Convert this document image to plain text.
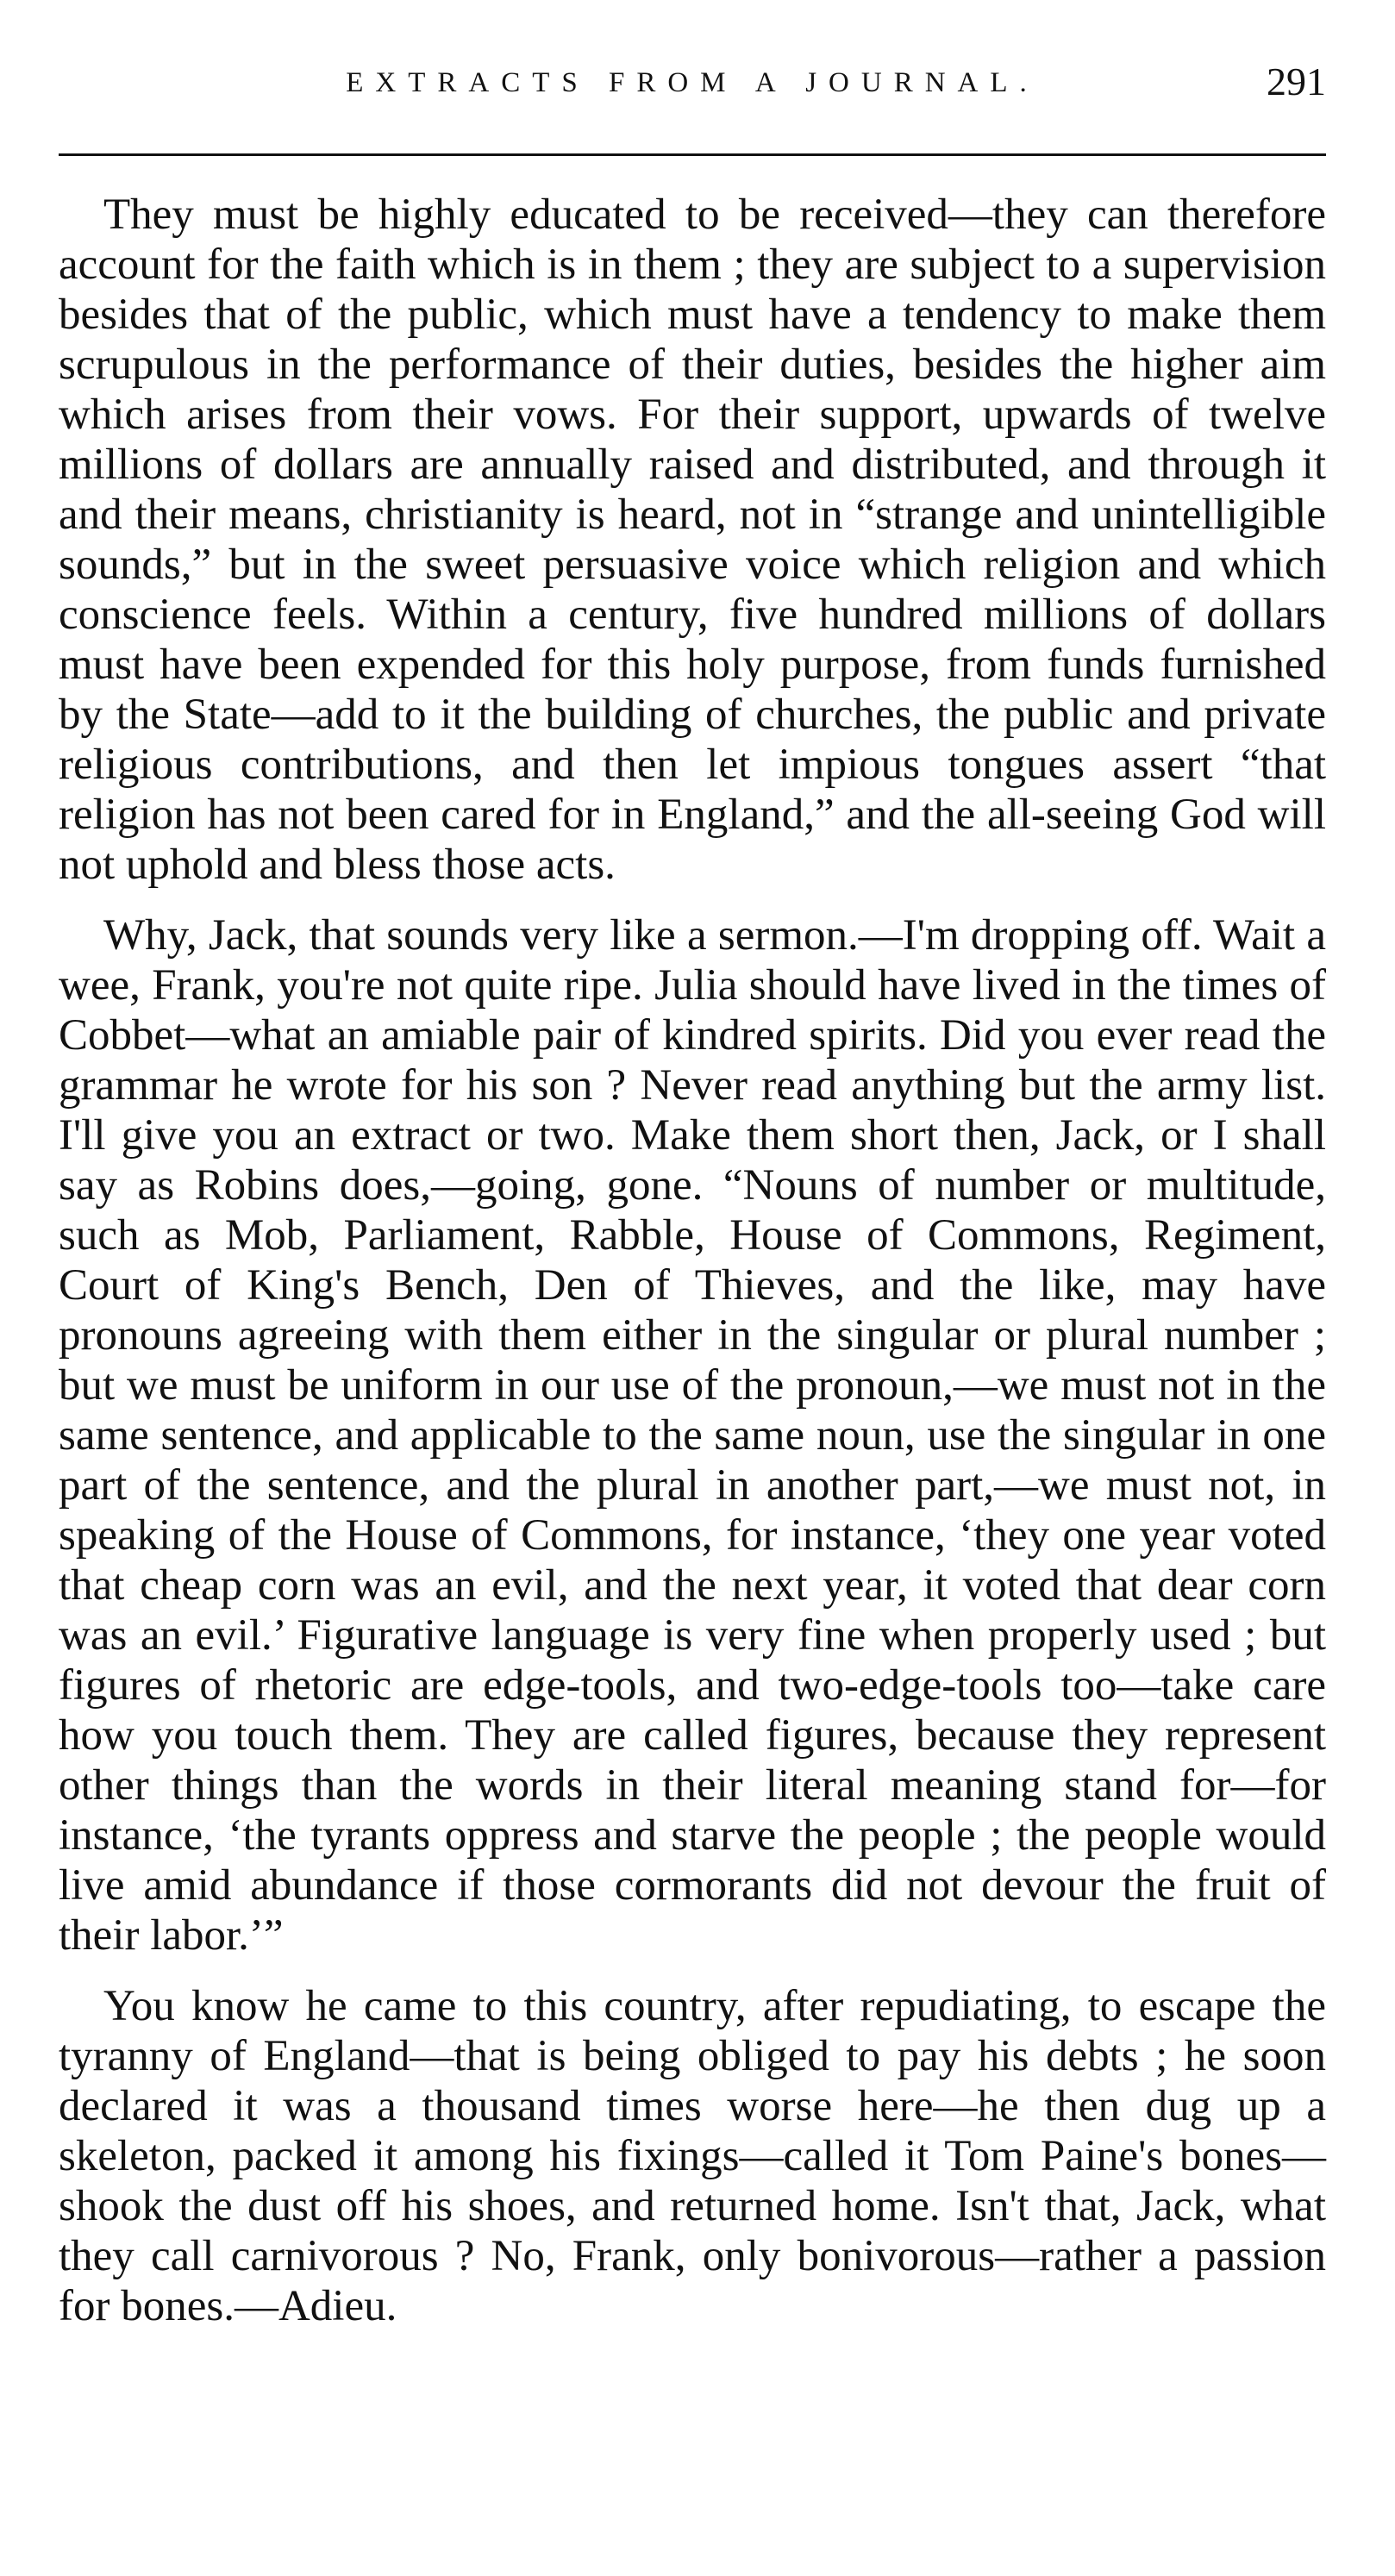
EXTRACTS FROM A JOURNAL.	291

They must be highly educated to be received—they can therefore account for the faith which is in them ; they are subject to a supervision besides that of the public, which must have a tendency to make them scrupulous in the performance of their duties, besides the higher aim which arises from their vows. For their support, upwards of twelve millions of dollars are annually raised and distributed, and through it and their means, christianity is heard, not in “strange and unintelligible sounds,” but in the sweet persuasive voice which religion and which conscience feels. Within a century, five hundred millions of dollars must have been expended for this holy purpose, from funds furnished by the State—add to it the building of churches, the public and private religious contributions, and then let impious tongues assert “that religion has not been cared for in England,” and the all-seeing God will not uphold and bless those acts.

Why, Jack, that sounds very like a sermon.—I'm dropping off. Wait a wee, Frank, you're not quite ripe. Julia should have lived in the times of Cobbet—what an amiable pair of kindred spirits. Did you ever read the grammar he wrote for his son ? Never read anything but the army list. I'll give you an extract or two. Make them short then, Jack, or I shall say as Robins does,—going, gone. “Nouns of number or multitude, such as Mob, Parliament, Rabble, House of Commons, Regiment, Court of King's Bench, Den of Thieves, and the like, may have pronouns agreeing with them either in the singular or plural number ; but we must be uniform in our use of the pronoun,—we must not in the same sentence, and applicable to the same noun, use the singular in one part of the sentence, and the plural in another part,—we must not, in speaking of the House of Commons, for instance, ‘they one year voted that cheap corn was an evil, and the next year, it voted that dear corn was an evil.’ Figurative language is very fine when properly used ; but figures of rhetoric are edge-tools, and two-edge-tools too—take care how you touch them. They are called figures, because they represent other things than the words in their literal meaning stand for—for instance, ‘the tyrants oppress and starve the people ; the people would live amid abundance if those cormorants did not devour the fruit of their labor.’”

You know he came to this country, after repudiating, to escape the tyranny of England—that is being obliged to pay his debts ; he soon declared it was a thousand times worse here—he then dug up a skeleton, packed it among his fixings—called it Tom Paine's bones—shook the dust off his shoes, and returned home. Isn't that, Jack, what they call carnivorous ? No, Frank, only bonivorous—rather a passion for bones.—Adieu.
